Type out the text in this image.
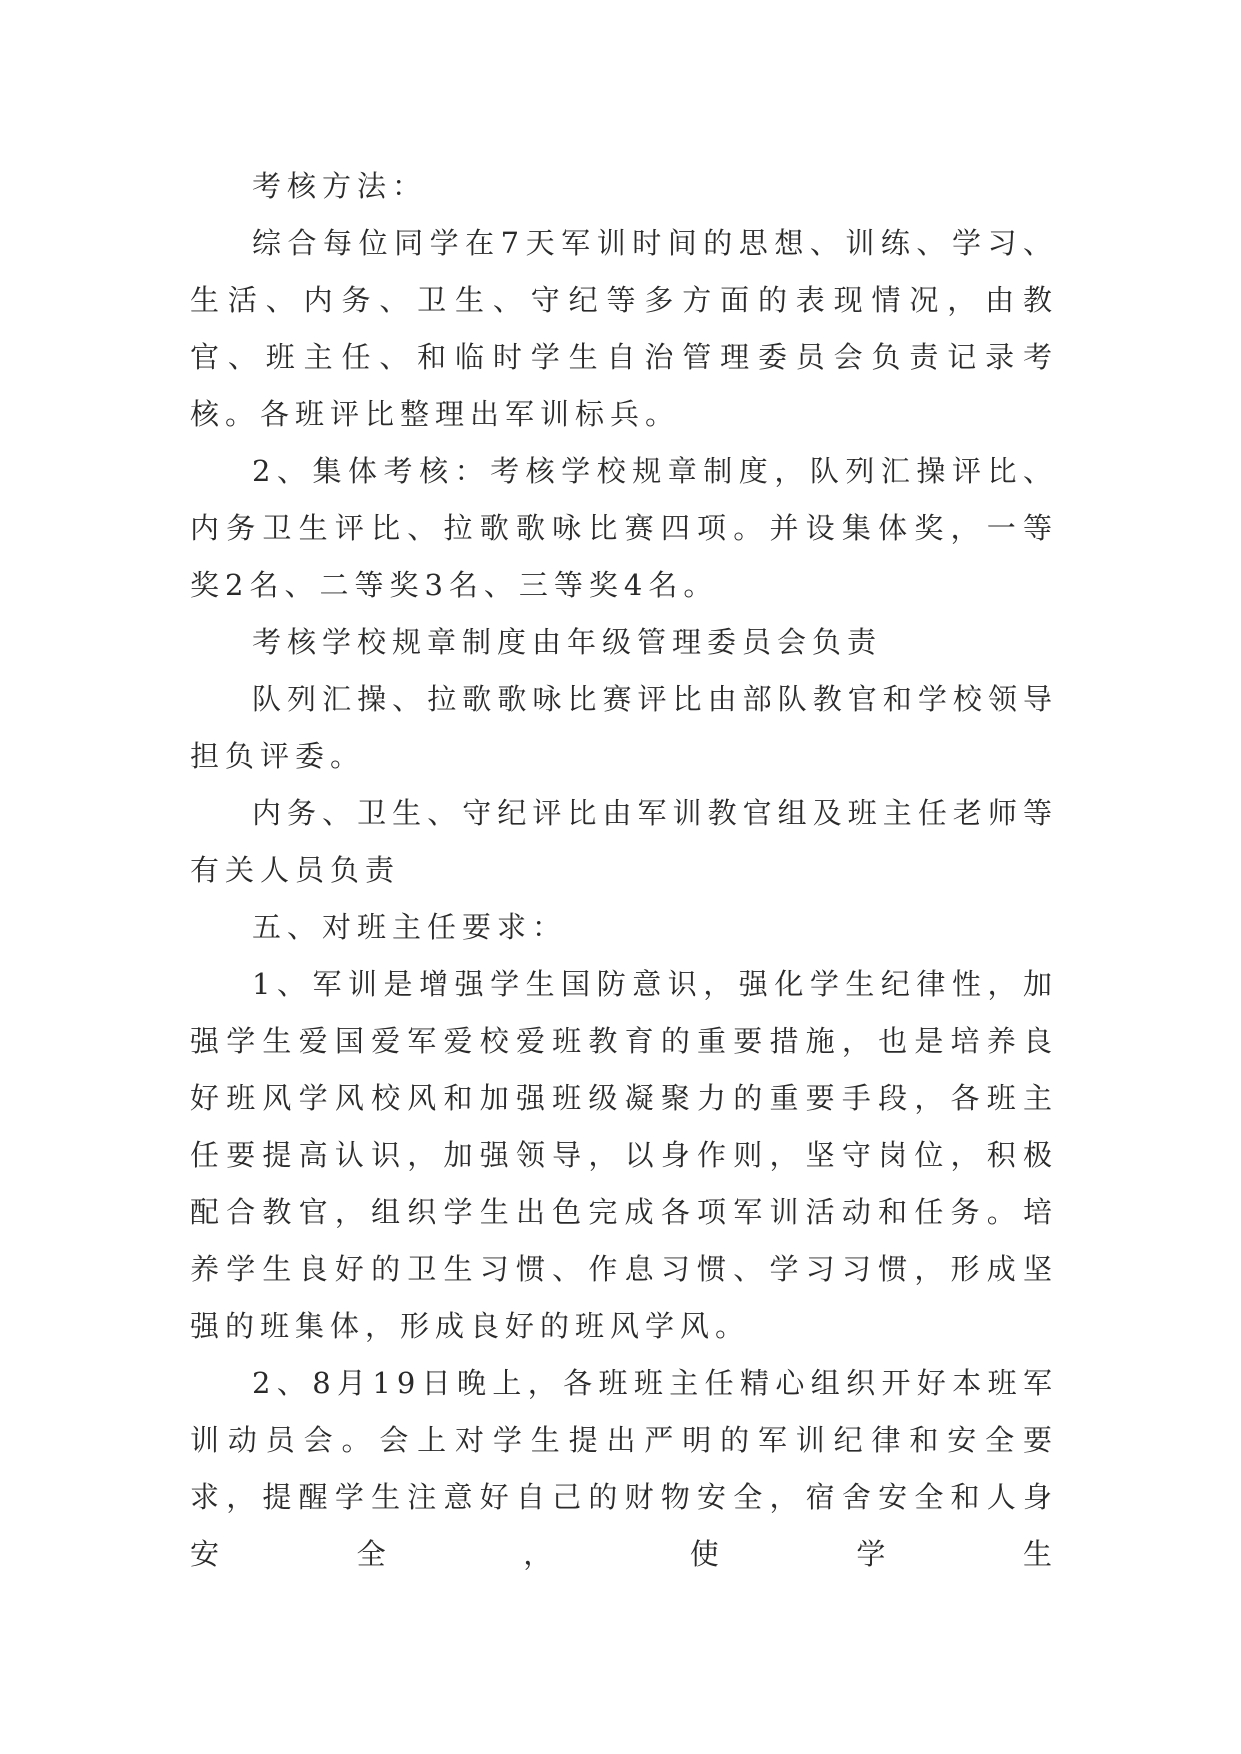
考核方法：

综合每位同学在7天军训时间的思想、训练、学习、生活、内务、卫生、守纪等多方面的表现情况，由教官、班主任、和临时学生自治管理委员会负责记录考核。各班评比整理出军训标兵。

2、集体考核：考核学校规章制度，队列汇操评比、内务卫生评比、拉歌歌咏比赛四项。并设集体奖，一等奖2名、二等奖3名、三等奖4名。

考核学校规章制度由年级管理委员会负责

队列汇操、拉歌歌咏比赛评比由部队教官和学校领导担负评委。

内务、卫生、守纪评比由军训教官组及班主任老师等有关人员负责

五、对班主任要求：

1、军训是增强学生国防意识，强化学生纪律性，加强学生爱国爱军爱校爱班教育的重要措施，也是培养良好班风学风校风和加强班级凝聚力的重要手段，各班主任要提高认识，加强领导，以身作则，坚守岗位，积极配合教官，组织学生出色完成各项军训活动和任务。培养学生良好的卫生习惯、作息习惯、学习习惯，形成坚强的班集体，形成良好的班风学风。

2、8月19日晚上，各班班主任精心组织开好本班军训动员会。会上对学生提出严明的军训纪律和安全要求，提醒学生注意好自己的财物安全，宿舍安全和人身安全，使学生
